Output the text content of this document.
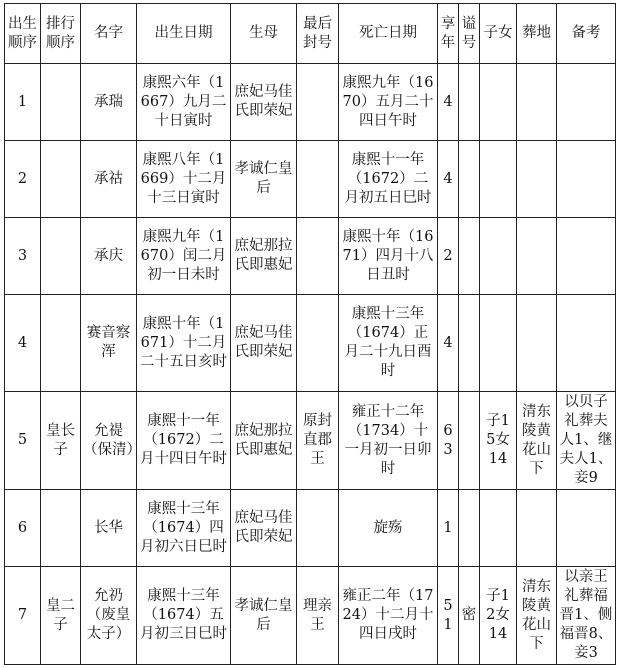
出生顺序	排行顺序	名字	出生日期	生母	最后封号	死亡日期	享年	谥号	子女	葬地	备考
1		承瑞	康熙六年（1667）九月二十日寅时	庶妃马佳氏即荣妃		康熙九年（1670）五月二十四日午时	4				
2		承祜	康熙八年（1669）十二月十三日寅时	孝诚仁皇后		康熙十一年（1672）二月初五日巳时	4				
3		承庆	康熙九年（1670）闰二月初一日未时	庶妃那拉氏即惠妃		康熙十年（1671）四月十八日丑时	2				
4		赛音察浑	康熙十年（1671）十二月二十五日亥时	庶妃马佳氏即荣妃		康熙十三年（1674）正月二十九日酉时	4				
5	皇长子	允禔（保清）	康熙十一年（1672）二月十四日午时	庶妃那拉氏即惠妃	原封直郡王	雍正十二年（1734）十一月初一日卯时	63		子15女14	清东陵黄花山下	以贝子礼葬夫人1、继夫人1、妾9
6		长华	康熙十三年（1674）四月初六日巳时	庶妃马佳氏即荣妃		旋殇	1				
7	皇二子	允礽（废皇太子）	康熙十三年（1674）五月初三日巳时	孝诚仁皇后	理亲王	雍正二年（1724）十二月十四日戌时	51	密	子12女14	清东陵黄花山下	以亲王礼葬福晋1、侧福晋8、妾3
